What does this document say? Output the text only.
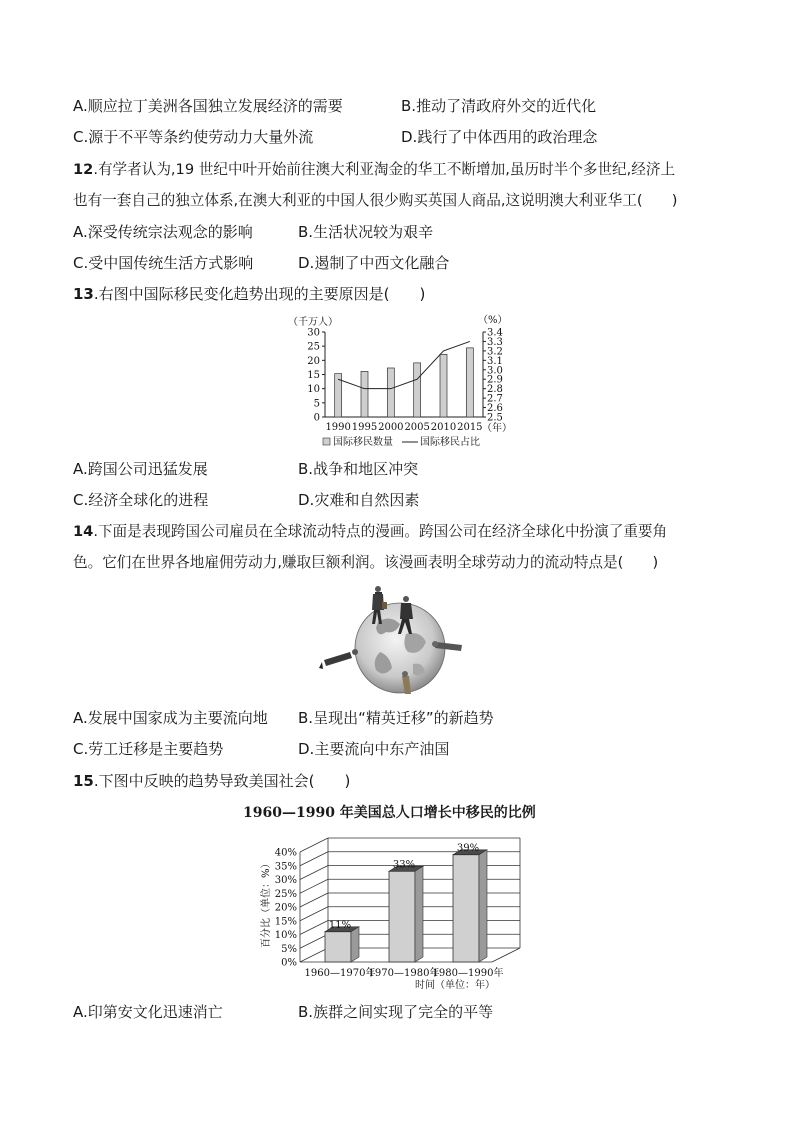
A.顺应拉丁美洲各国独立发展经济的需要	B.推动了清政府外交的近代化
C.源于不平等条约使劳动力大量外流	D.践行了中体西用的政治理念
12.有学者认为,19 世纪中叶开始前往澳大利亚淘金的华工不断增加,虽历时半个多世纪,经济上
也有一套自己的独立体系,在澳大利亚的中国人很少购买英国人商品,这说明澳大利亚华工(　　)
A.深受传统宗法观念的影响	B.生活状况较为艰辛
C.受中国传统生活方式影响	D.遏制了中西文化融合
13.右图中国际移民变化趋势出现的主要原因是(　　)
（千万人）	（%）
0
5
10
15
20
25
30
2.5
2.6
2.7
2.8
2.9
3.0
3.1
3.2
3.3
3.4
1990 1995 2000 2005 2010 2015 （年）
国际移民数量	国际移民占比
A.跨国公司迅猛发展	B.战争和地区冲突
C.经济全球化的进程	D.灾难和自然因素
14.下面是表现跨国公司雇员在全球流动特点的漫画。跨国公司在经济全球化中扮演了重要角
色。它们在世界各地雇佣劳动力,赚取巨额利润。该漫画表明全球劳动力的流动特点是(　　)
A.发展中国家成为主要流向地 B.呈现出“精英迁移”的新趋势
C.劳工迁移是主要趋势	D.主要流向中东产油国
15.下图中反映的趋势导致美国社会(　　)
1960—1990 年美国总人口增长中移民的比例
百分比（单位：%）
0%
5%
10%
15%
20%
25%
30%
35%
40%
11%
33%
39%
1960—1970年
1970—1980年
1980—1990年
时间（单位：年）
A.印第安文化迅速消亡	B.族群之间实现了完全的平等
